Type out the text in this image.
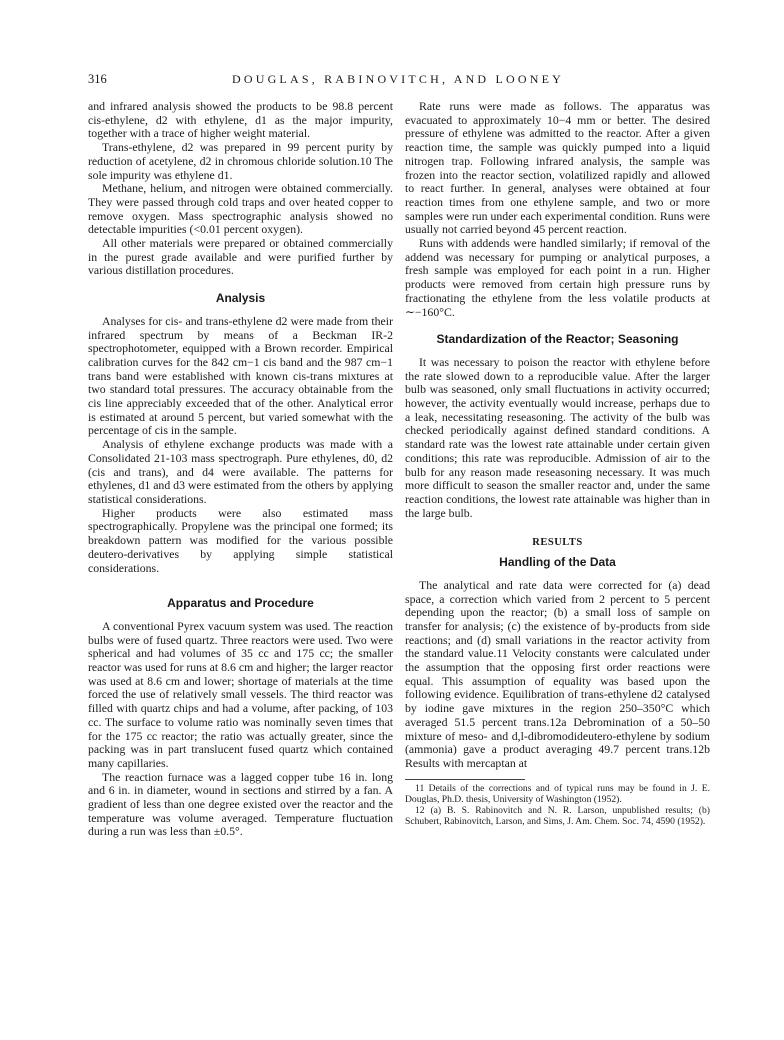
316	DOUGLAS, RABINOVITCH, AND LOONEY

and infrared analysis showed the products to be 98.8 percent cis-ethylene, d2 with ethylene, d1 as the major impurity, together with a trace of higher weight material.

Trans-ethylene, d2 was prepared in 99 percent purity by reduction of acetylene, d2 in chromous chloride solution.10 The sole impurity was ethylene d1.

Methane, helium, and nitrogen were obtained commercially. They were passed through cold traps and over heated copper to remove oxygen. Mass spectrographic analysis showed no detectable impurities (<0.01 percent oxygen).

All other materials were prepared or obtained commercially in the purest grade available and were purified further by various distillation procedures.

Analysis

Analyses for cis- and trans-ethylene d2 were made from their infrared spectrum by means of a Beckman IR-2 spectrophotometer, equipped with a Brown recorder. Empirical calibration curves for the 842 cm−1 cis band and the 987 cm−1 trans band were established with known cis-trans mixtures at two standard total pressures. The accuracy obtainable from the cis line appreciably exceeded that of the other. Analytical error is estimated at around 5 percent, but varied somewhat with the percentage of cis in the sample.

Analysis of ethylene exchange products was made with a Consolidated 21-103 mass spectrograph. Pure ethylenes, d0, d2 (cis and trans), and d4 were available. The patterns for ethylenes, d1 and d3 were estimated from the others by applying statistical considerations.

Higher products were also estimated mass spectrographically. Propylene was the principal one formed; its breakdown pattern was modified for the various possible deutero-derivatives by applying simple statistical considerations.

Apparatus and Procedure

A conventional Pyrex vacuum system was used. The reaction bulbs were of fused quartz. Three reactors were used. Two were spherical and had volumes of 35 cc and 175 cc; the smaller reactor was used for runs at 8.6 cm and higher; the larger reactor was used at 8.6 cm and lower; shortage of materials at the time forced the use of relatively small vessels. The third reactor was filled with quartz chips and had a volume, after packing, of 103 cc. The surface to volume ratio was nominally seven times that for the 175 cc reactor; the ratio was actually greater, since the packing was in part translucent fused quartz which contained many capillaries.

The reaction furnace was a lagged copper tube 16 in. long and 6 in. in diameter, wound in sections and stirred by a fan. A gradient of less than one degree existed over the reactor and the temperature was volume averaged. Temperature fluctuation during a run was less than ±0.5°.

Rate runs were made as follows. The apparatus was evacuated to approximately 10−4 mm or better. The desired pressure of ethylene was admitted to the reactor. After a given reaction time, the sample was quickly pumped into a liquid nitrogen trap. Following infrared analysis, the sample was frozen into the reactor section, volatilized rapidly and allowed to react further. In general, analyses were obtained at four reaction times from one ethylene sample, and two or more samples were run under each experimental condition. Runs were usually not carried beyond 45 percent reaction.

Runs with addends were handled similarly; if removal of the addend was necessary for pumping or analytical purposes, a fresh sample was employed for each point in a run. Higher products were removed from certain high pressure runs by fractionating the ethylene from the less volatile products at ∼−160°C.

Standardization of the Reactor; Seasoning

It was necessary to poison the reactor with ethylene before the rate slowed down to a reproducible value. After the larger bulb was seasoned, only small fluctuations in activity occurred; however, the activity eventually would increase, perhaps due to a leak, necessitating reseasoning. The activity of the bulb was checked periodically against defined standard conditions. A standard rate was the lowest rate attainable under certain given conditions; this rate was reproducible. Admission of air to the bulb for any reason made reseasoning necessary. It was much more difficult to season the smaller reactor and, under the same reaction conditions, the lowest rate attainable was higher than in the large bulb.

RESULTS
Handling of the Data

The analytical and rate data were corrected for (a) dead space, a correction which varied from 2 percent to 5 percent depending upon the reactor; (b) a small loss of sample on transfer for analysis; (c) the existence of by-products from side reactions; and (d) small variations in the reactor activity from the standard value.11 Velocity constants were calculated under the assumption that the opposing first order reactions were equal. This assumption of equality was based upon the following evidence. Equilibration of trans-ethylene d2 catalysed by iodine gave mixtures in the region 250–350°C which averaged 51.5 percent trans.12a Debromination of a 50–50 mixture of meso- and d,l-dibromodideutero-ethylene by sodium (ammonia) gave a product averaging 49.7 percent trans.12b Results with mercaptan at

11 Details of the corrections and of typical runs may be found in J. E. Douglas, Ph.D. thesis, University of Washington (1952).

12 (a) B. S. Rabinovitch and N. R. Larson, unpublished results; (b) Schubert, Rabinovitch, Larson, and Sims, J. Am. Chem. Soc. 74, 4590 (1952).
